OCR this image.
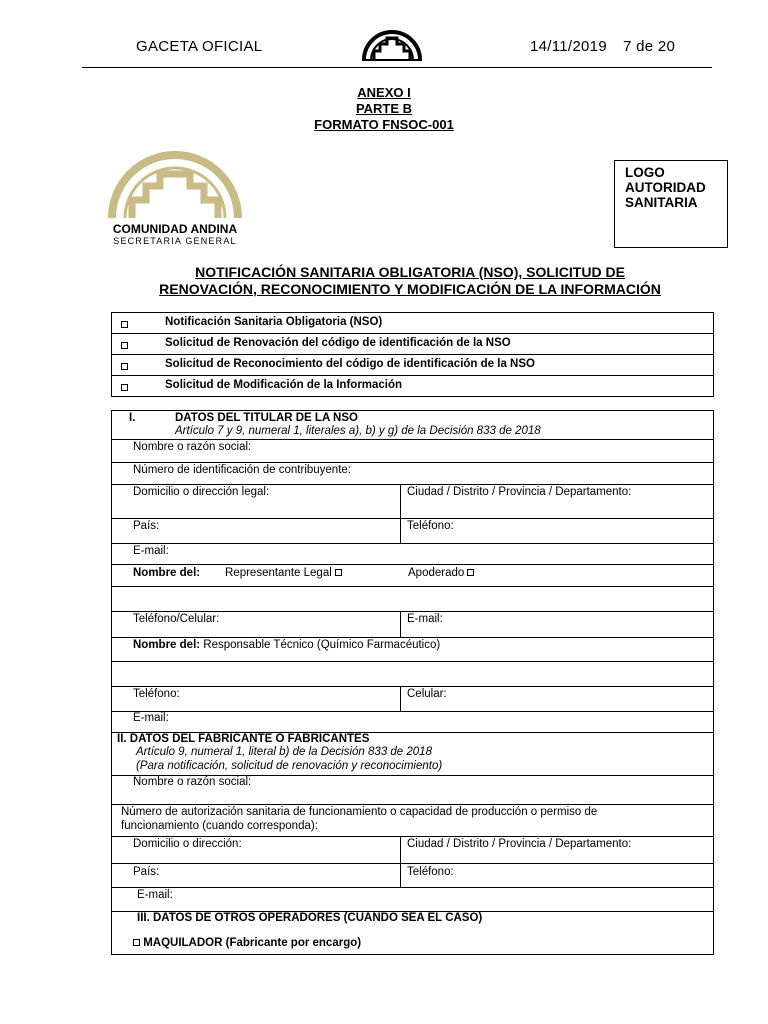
GACETA OFICIAL	14/11/2019 7 de 20
ANEXO I
PARTE B
FORMATO FNSOC-001
COMUNIDAD ANDINA
SECRETARIA GENERAL
LOGO
AUTORIDAD
SANITARIA
NOTIFICACIÓN SANITARIA OBLIGATORIA (NSO), SOLICITUD DE
RENOVACIÓN, RECONOCIMIENTO Y MODIFICACIÓN DE LA INFORMACIÓN
Notificación Sanitaria Obligatoria (NSO)

Solicitud de Renovación del código de identificación de la NSO

Solicitud de Reconocimiento del código de identificación de la NSO

Solicitud de Modificación de la Información
I.	DATOS DEL TITULAR DE LA NSO
Artículo 7 y 9, numeral 1, literales a), b) y g) de la Decisión 833 de 2018
Nombre o razón social:
Número de identificación de contribuyente:
Domicilio o dirección legal:	Ciudad / Distrito / Provincia / Departamento:
País:	Teléfono:
E-mail:
Nombre del: Representante Legal	Apoderado
Teléfono/Celular:	E-mail:
Nombre del: Responsable Técnico (Químico Farmacéutico)
Teléfono:	Celular:
E-mail:
II. DATOS DEL FABRICANTE O FABRICANTES
Artículo 9, numeral 1, literal b) de la Decisión 833 de 2018
(Para notificación, solicitud de renovación y reconocimiento)
Nombre o razón social:
Número de autorización sanitaria de funcionamiento o capacidad de producción o permiso de
funcionamiento (cuando corresponda):
Domicilio o dirección:	Ciudad / Distrito / Provincia / Departamento:
País:	Teléfono:
E-mail:
III. DATOS DE OTROS OPERADORES (CUANDO SEA EL CASO)
MAQUILADOR (Fabricante por encargo)
